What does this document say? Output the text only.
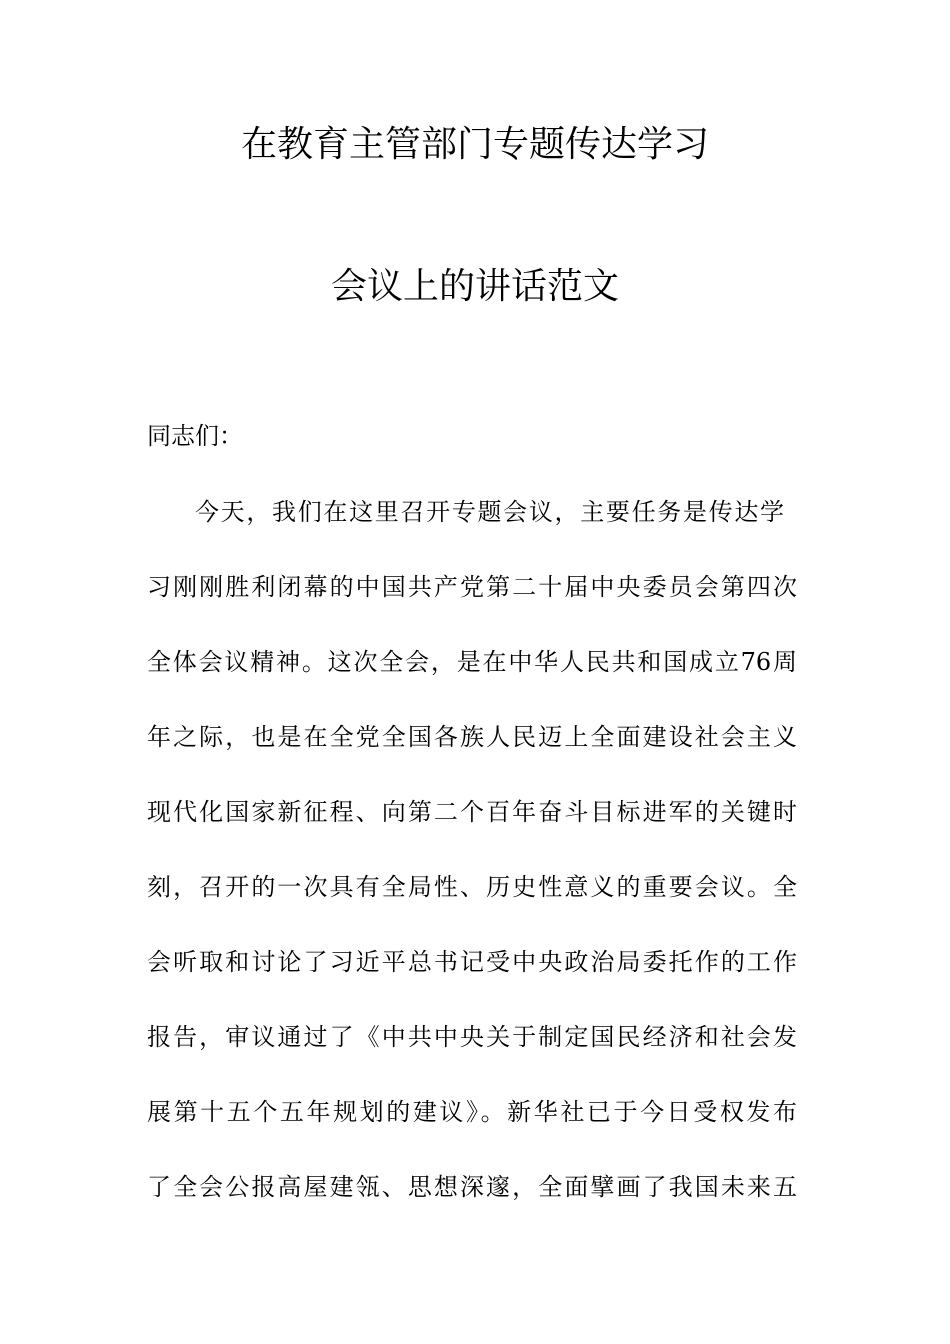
在教育主管部门专题传达学习
会议上的讲话范文
同志们：
今天，我们在这里召开专题会议，主要任务是传达学
习刚刚胜利闭幕的中国共产党第二十届中央委员会第四次
全体会议精神。这次全会，是在中华人民共和国成立76周
年之际，也是在全党全国各族人民迈上全面建设社会主义
现代化国家新征程、向第二个百年奋斗目标进军的关键时
刻，召开的一次具有全局性、历史性意义的重要会议。全
会听取和讨论了习近平总书记受中央政治局委托作的工作
报告，审议通过了《中共中央关于制定国民经济和社会发
展第十五个五年规划的建议》。新华社已于今日受权发布
了全会公报高屋建瓴、思想深邃，全面擘画了我国未来五
